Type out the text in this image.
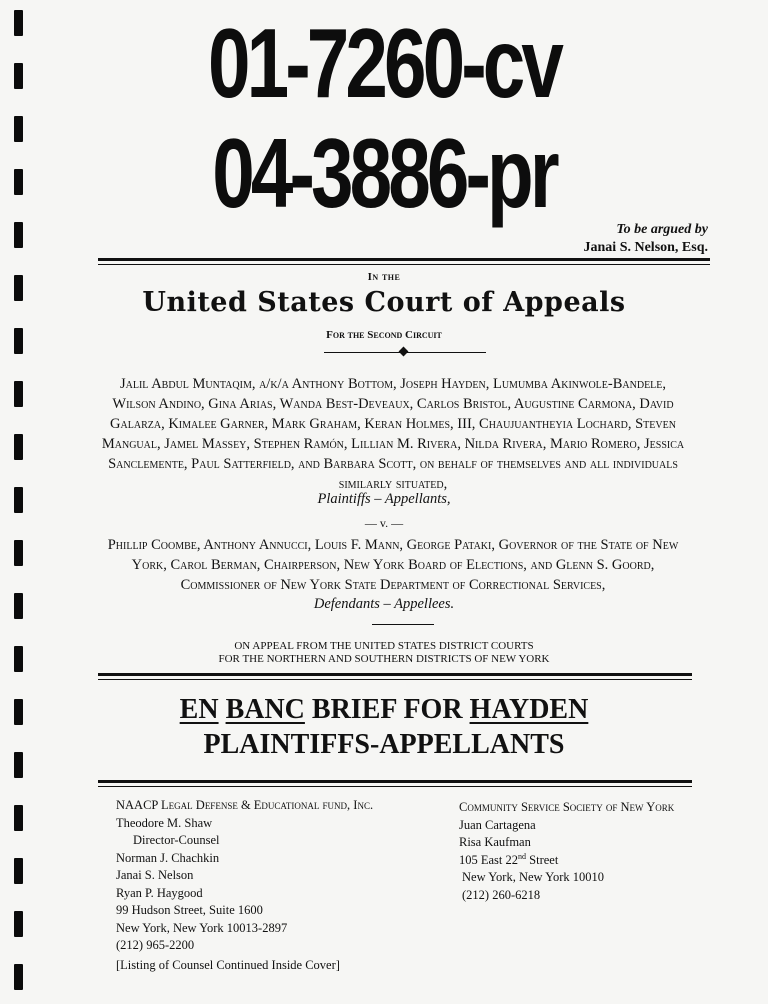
01-7260-cv
04-3886-pr
To be argued by
Janai S. Nelson, Esq.
In the
United States Court of Appeals
For the Second Circuit
Jalil Abdul Muntaqim, a/k/a Anthony Bottom, Joseph Hayden, Lumumba Akinwole-Bandele, Wilson Andino, Gina Arias, Wanda Best-Deveaux, Carlos Bristol, Augustine Carmona, David Galarza, Kimalee Garner, Mark Graham, Keran Holmes, III, Chaujuantheyia Lochard, Steven Mangual, Jamel Massey, Stephen Ramón, Lillian M. Rivera, Nilda Rivera, Mario Romero, Jessica Sanclemente, Paul Satterfield, and Barbara Scott, on behalf of themselves and all individuals similarly situated,
Plaintiffs – Appellants,
— v. —
Phillip Coombe, Anthony Annucci, Louis F. Mann, George Pataki, Governor of the State of New York, Carol Berman, Chairperson, New York Board of Elections, and Glenn S. Goord, Commissioner of New York State Department of Correctional Services,
Defendants – Appellees.
ON APPEAL FROM THE UNITED STATES DISTRICT COURTS
FOR THE NORTHERN AND SOUTHERN DISTRICTS OF NEW YORK
EN BANC BRIEF FOR HAYDEN
PLAINTIFFS-APPELLANTS
NAACP Legal Defense & Educational fund, Inc.
Theodore M. Shaw
Director-Counsel
Norman J. Chachkin
Janai S. Nelson
Ryan P. Haygood
99 Hudson Street, Suite 1600
New York, New York 10013-2897
(212) 965-2200
Community Service Society of New York
Juan Cartagena
Risa Kaufman
105 East 22nd Street
New York, New York 10010
(212) 260-6218
[Listing of Counsel Continued Inside Cover]
